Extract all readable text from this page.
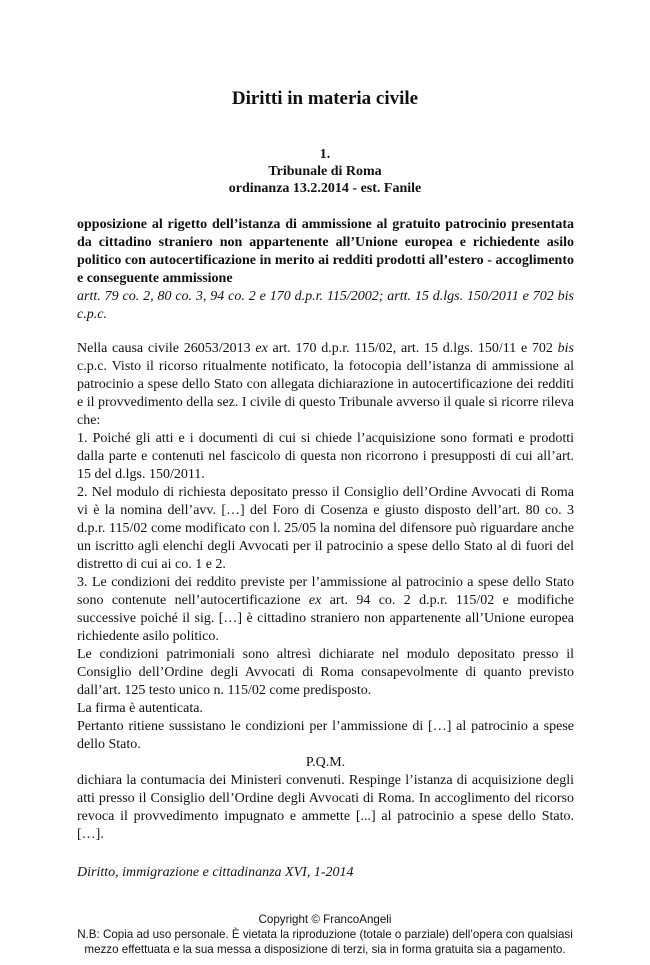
Diritti in materia civile
1.
Tribunale di Roma
ordinanza 13.2.2014 - est. Fanile
opposizione al rigetto dell’istanza di ammissione al gratuito patrocinio presentata da cittadino straniero non appartenente all’Unione europea e richiedente asilo politico con autocertificazione in merito ai redditi prodotti all’estero - accoglimento e conseguente ammissione
artt. 79 co. 2, 80 co. 3, 94 co. 2 e 170 d.p.r. 115/2002; artt. 15 d.lgs. 150/2011 e 702 bis c.p.c.

Nella causa civile 26053/2013 ex art. 170 d.p.r. 115/02, art. 15 d.lgs. 150/11 e 702 bis c.p.c. Visto il ricorso ritualmente notificato, la fotocopia dell’istanza di ammissione al patrocinio a spese dello Stato con allegata dichiarazione in autocertificazione dei redditi e il provvedimento della sez. I civile di questo Tribunale avverso il quale si ricorre rileva che:

1. Poiché gli atti e i documenti di cui si chiede l’acquisizione sono formati e prodotti dalla parte e contenuti nel fascicolo di questa non ricorrono i presupposti di cui all’art. 15 del d.lgs. 150/2011.

2. Nel modulo di richiesta depositato presso il Consiglio dell’Ordine Avvocati di Roma vi è la nomina dell’avv. […] del Foro di Cosenza e giusto disposto dell’art. 80 co. 3 d.p.r. 115/02 come modificato con l. 25/05 la nomina del difensore può riguardare anche un iscritto agli elenchi degli Avvocati per il patrocinio a spese dello Stato al di fuori del distretto di cui ai co. 1 e 2.

3. Le condizioni dei reddito previste per l’ammissione al patrocinio a spese dello Stato sono contenute nell’autocertificazione ex art. 94 co. 2 d.p.r. 115/02 e modifiche successive poiché il sig. […] è cittadino straniero non appartenente all’Unione europea richiedente asilo politico.

Le condizioni patrimoniali sono altresì dichiarate nel modulo depositato presso il Consiglio dell’Ordine degli Avvocati di Roma consapevolmente di quanto previsto dall’art. 125 testo unico n. 115/02 come predisposto.

La firma è autenticata.

Pertanto ritiene sussistano le condizioni per l’ammissione di […] al patrocinio a spese dello Stato.

P.Q.M.

dichiara la contumacia dei Ministeri convenuti. Respinge l’istanza di acquisizione degli atti presso il Consiglio dell’Ordine degli Avvocati di Roma. In accoglimento del ricorso revoca il provvedimento impugnato e ammette [...] al patrocinio a spese dello Stato. […].

Diritto, immigrazione e cittadinanza XVI, 1-2014
Copyright © FrancoAngeli
N.B: Copia ad uso personale. È vietata la riproduzione (totale o parziale) dell’opera con qualsiasi
mezzo effettuata e la sua messa a disposizione di terzi, sia in forma gratuita sia a pagamento.
